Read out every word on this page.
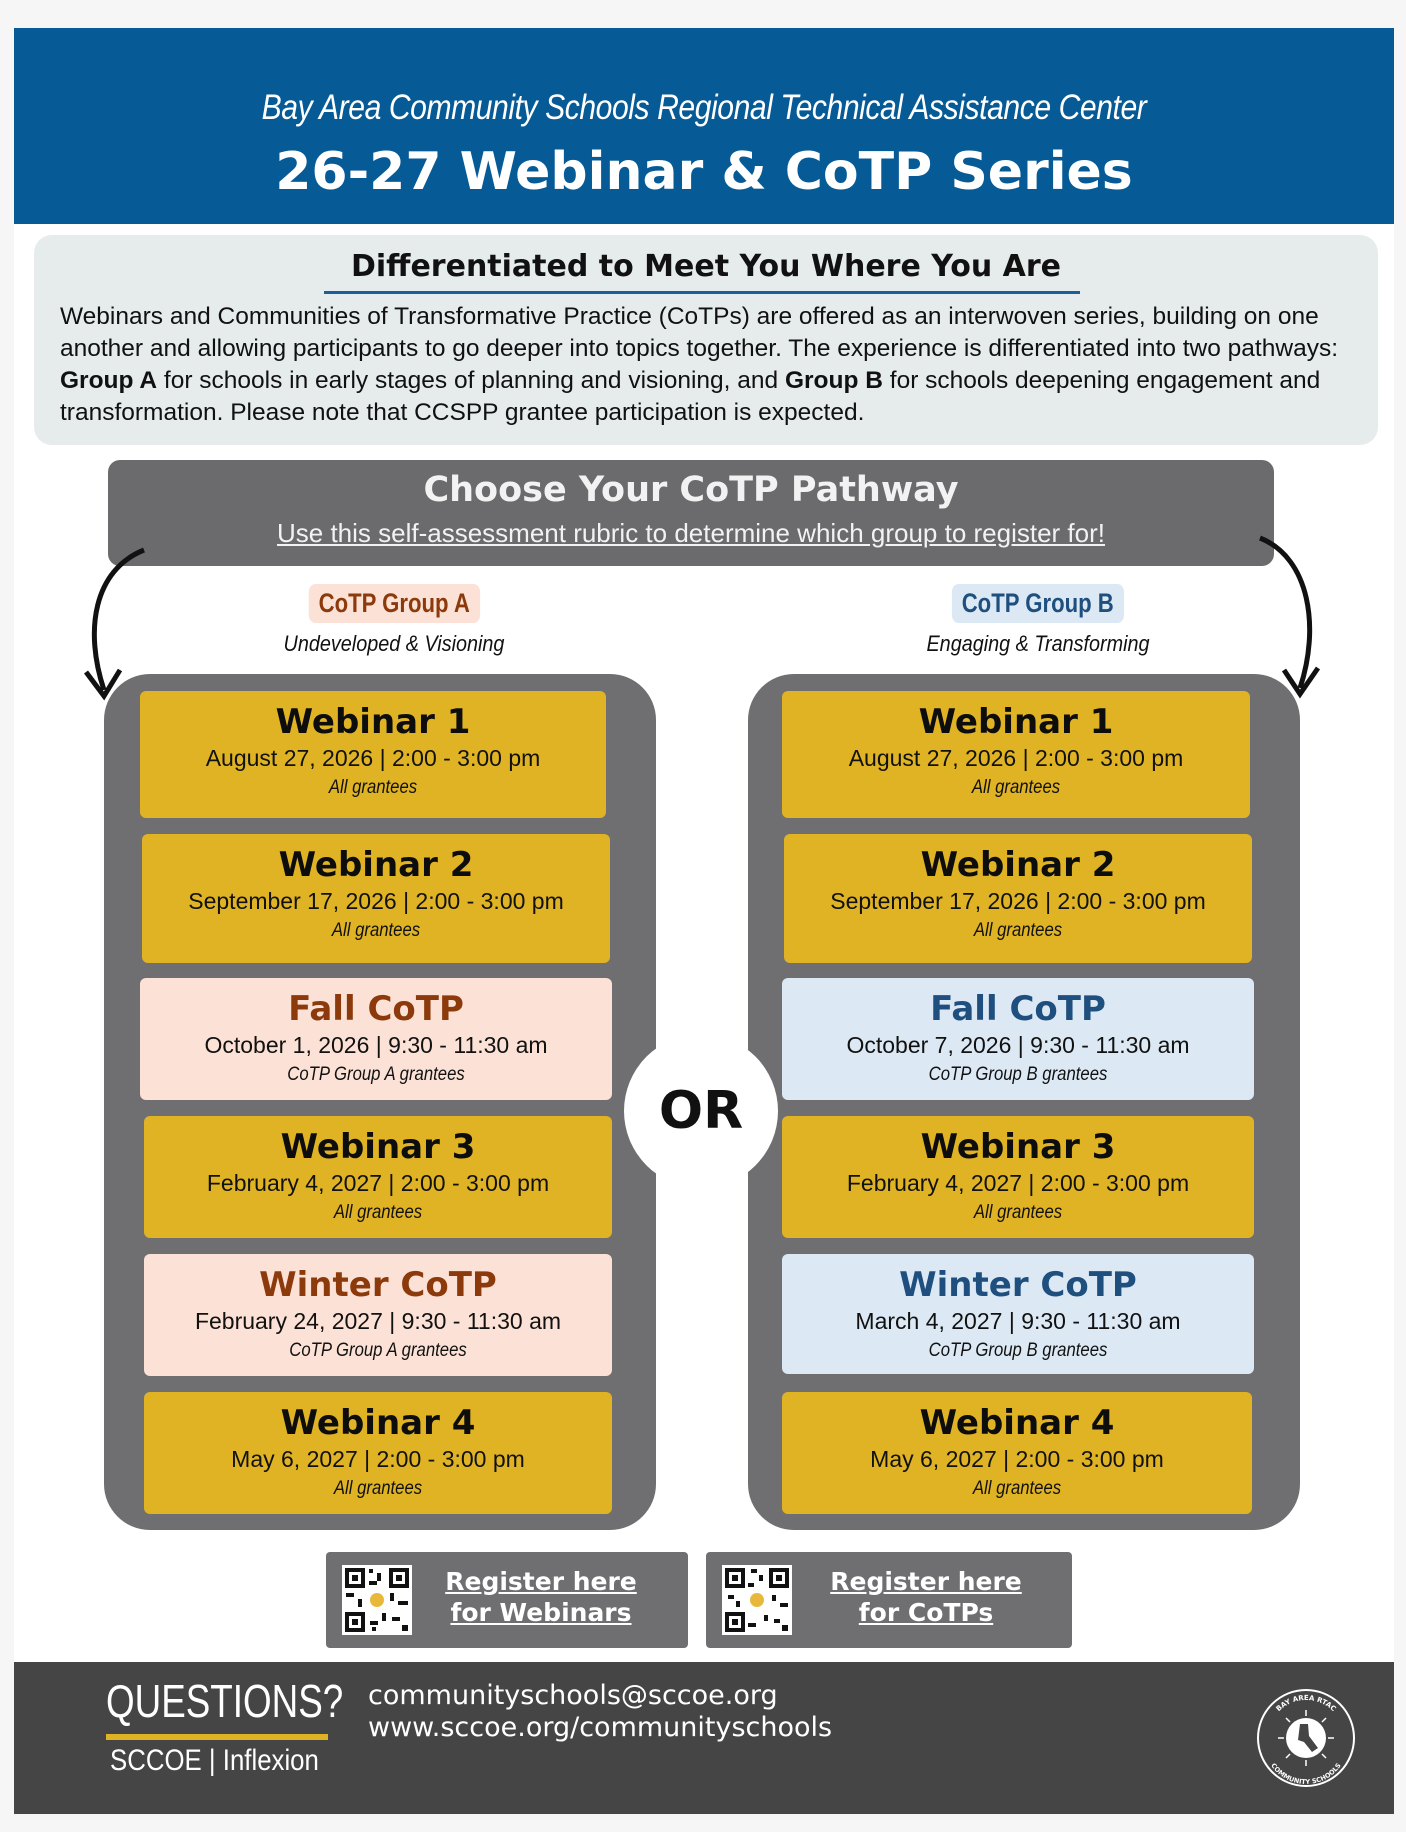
Bay Area Community Schools Regional Technical Assistance Center
26-27 Webinar & CoTP Series
Differentiated to Meet You Where You Are

Webinars and Communities of Transformative Practice (CoTPs) are offered as an interwoven series, building on one another and allowing participants to go deeper into topics together. The experience is differentiated into two pathways: Group A for schools in early stages of planning and visioning, and Group B for schools deepening engagement and transformation. Please note that CCSPP grantee participation is expected.

Choose Your CoTP Pathway
Use this self-assessment rubric to determine which group to register for!
CoTP Group A
Undeveloped & Visioning
CoTP Group B
Engaging & Transforming
Webinar 1
August 27, 2026 | 2:00 - 3:00 pm
All grantees
Webinar 2
September 17, 2026 | 2:00 - 3:00 pm
All grantees
Fall CoTP
October 1, 2026 | 9:30 - 11:30 am
CoTP Group A grantees
Webinar 3
February 4, 2027 | 2:00 - 3:00 pm
All grantees
Winter CoTP
February 24, 2027 | 9:30 - 11:30 am
CoTP Group A grantees
Webinar 4
May 6, 2027 | 2:00 - 3:00 pm
All grantees
Webinar 1
August 27, 2026 | 2:00 - 3:00 pm
All grantees
Webinar 2
September 17, 2026 | 2:00 - 3:00 pm
All grantees
Fall CoTP
October 7, 2026 | 9:30 - 11:30 am
CoTP Group B grantees
Webinar 3
February 4, 2027 | 2:00 - 3:00 pm
All grantees
Winter CoTP
March 4, 2027 | 9:30 - 11:30 am
CoTP Group B grantees
Webinar 4
May 6, 2027 | 2:00 - 3:00 pm
All grantees
OR
Register here
for Webinars
Register here
for CoTPs
QUESTIONS?
SCCOE | Inflexion
communityschools@sccoe.org
www.sccoe.org/communityschools
BAY AREA RTAC
COMMUNITY SCHOOLS
